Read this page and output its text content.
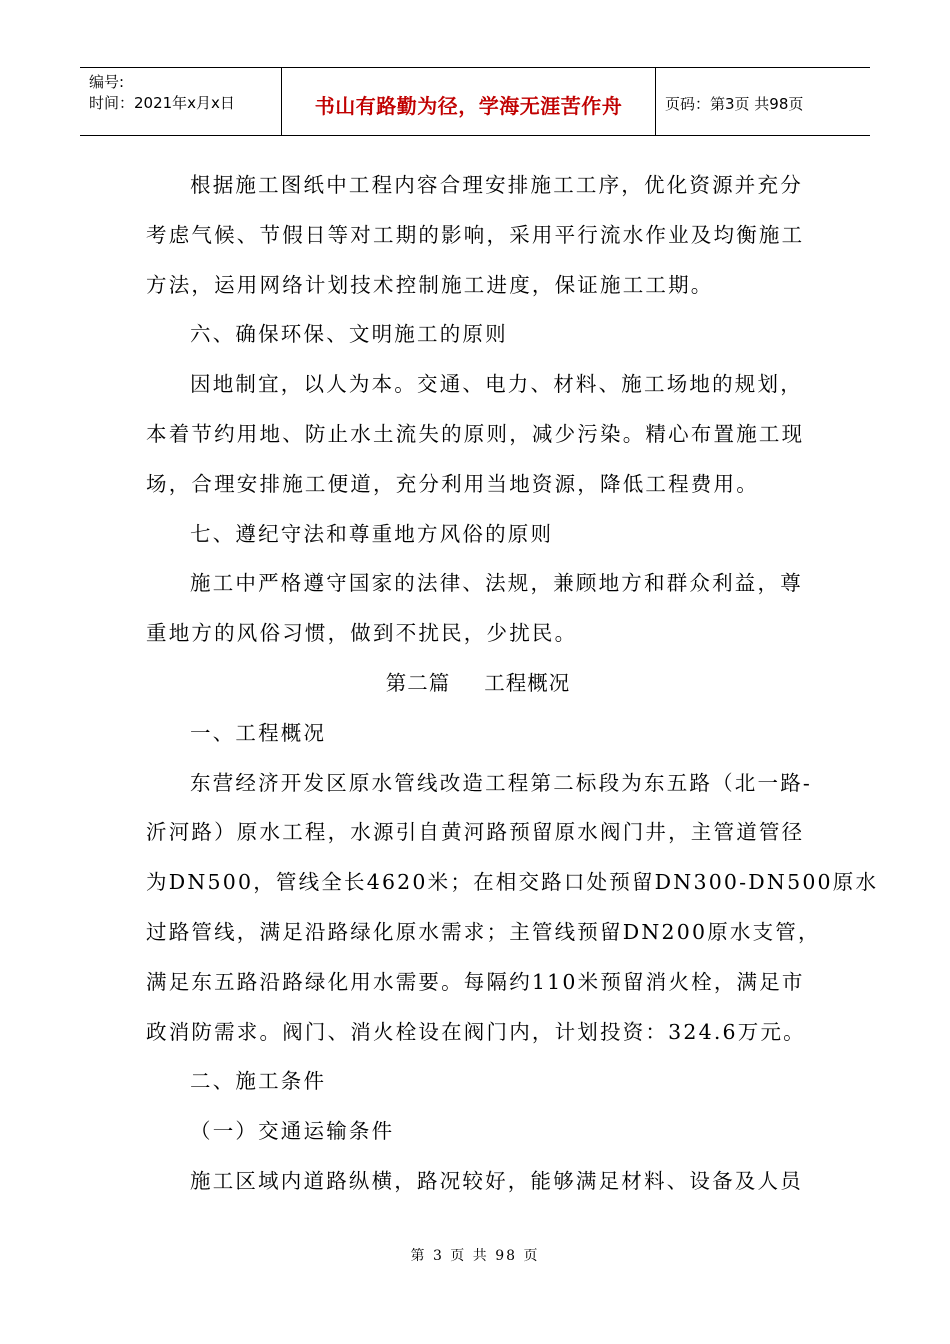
编号:
时间：2021年x月x日	书山有路勤为径，学海无涯苦作舟	页码：第3页 共98页
根据施工图纸中工程内容合理安排施工工序，优化资源并充分
考虑气候、节假日等对工期的影响，采用平行流水作业及均衡施工
方法，运用网络计划技术控制施工进度，保证施工工期。
六、确保环保、文明施工的原则
因地制宜，以人为本。交通、电力、材料、施工场地的规划，
本着节约用地、防止水土流失的原则，减少污染。精心布置施工现
场，合理安排施工便道，充分利用当地资源，降低工程费用。
七、遵纪守法和尊重地方风俗的原则
施工中严格遵守国家的法律、法规，兼顾地方和群众利益，尊
重地方的风俗习惯，做到不扰民，少扰民。
第二篇 工程概况
一、工程概况
东营经济开发区原水管线改造工程第二标段为东五路（北一路-
沂河路）原水工程，水源引自黄河路预留原水阀门井，主管道管径
为DN500，管线全长4620米；在相交路口处预留DN300-DN500原水
过路管线，满足沿路绿化原水需求；主管线预留DN200原水支管，
满足东五路沿路绿化用水需要。每隔约110米预留消火栓，满足市
政消防需求。阀门、消火栓设在阀门内，计划投资：324.6万元。
二、施工条件
（一）交通运输条件
施工区域内道路纵横，路况较好，能够满足材料、设备及人员
第 3 页 共 98 页
